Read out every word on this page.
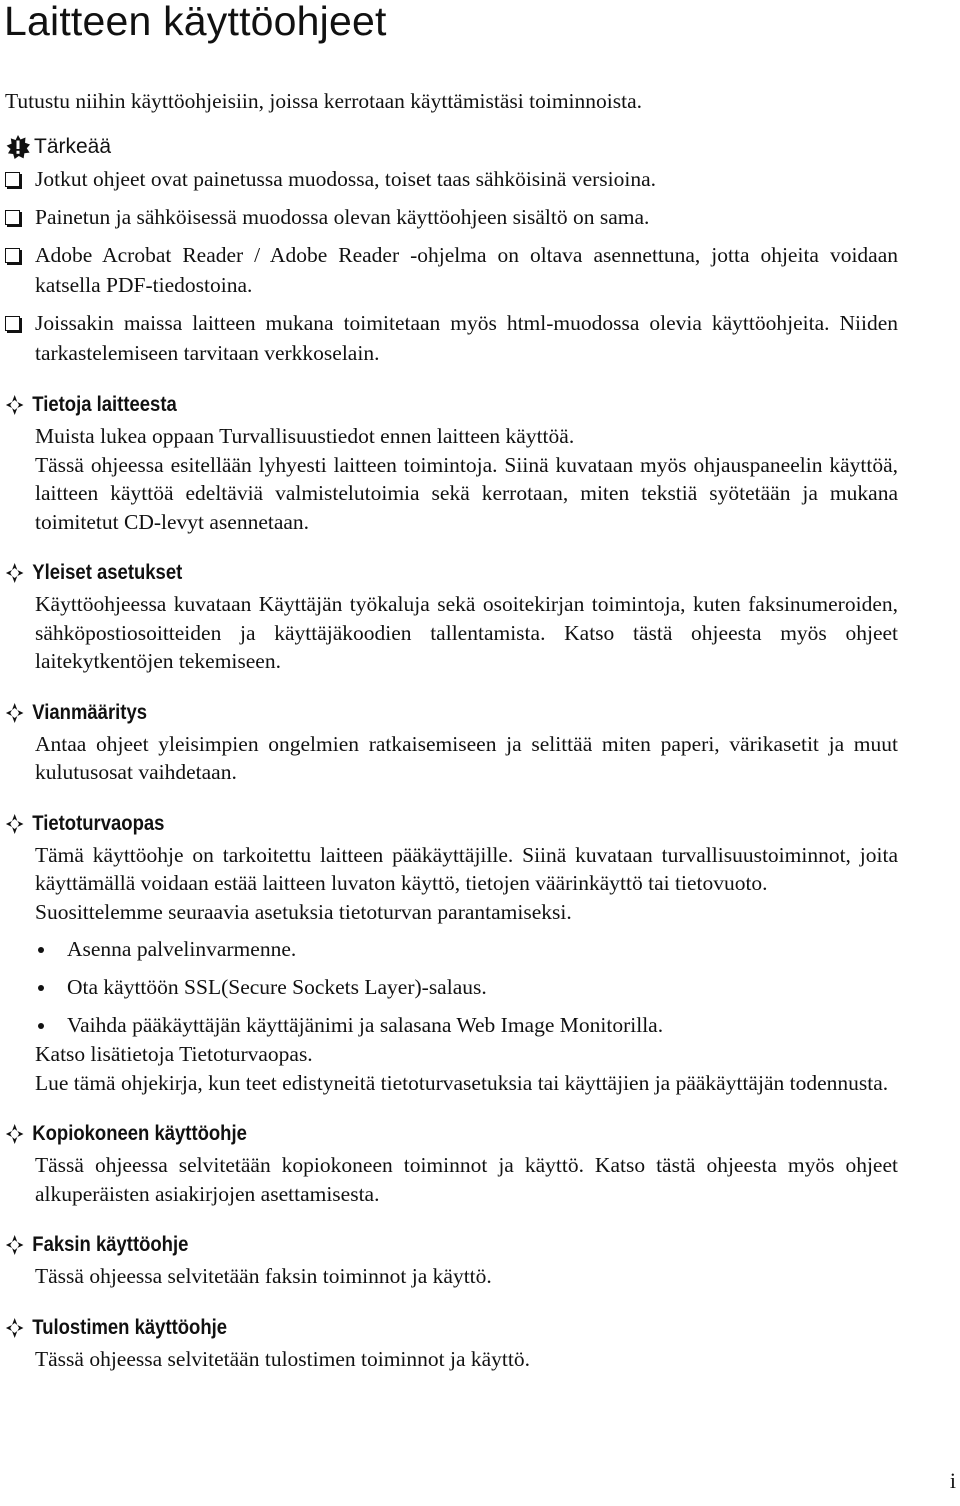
Laitteen käyttöohjeet

Tutustu niihin käyttöohjeisiin, joissa kerrotaan käyttämistäsi toiminnoista.

Tärkeää
Jotkut ohjeet ovat painetussa muodossa, toiset taas sähköisinä versioina.
Painetun ja sähköisessä muodossa olevan käyttöohjeen sisältö on sama.
Adobe Acrobat Reader / Adobe Reader -ohjelma on oltava asennettuna, jotta ohjeita voidaan katsella PDF-tiedostoina.
Joissakin maissa laitteen mukana toimitetaan myös html-muodossa olevia käyttöohjeita. Niiden tarkastelemiseen tarvitaan verkkoselain.
Tietoja laitteesta

Muista lukea oppaan Turvallisuustiedot ennen laitteen käyttöä.

Tässä ohjeessa esitellään lyhyesti laitteen toimintoja. Siinä kuvataan myös ohjauspaneelin käyttöä, laitteen käyttöä edeltäviä valmistelutoimia sekä kerrotaan, miten tekstiä syötetään ja mukana toimitetut CD-levyt asennetaan.

Yleiset asetukset

Käyttöohjeessa kuvataan Käyttäjän työkaluja sekä osoitekirjan toimintoja, kuten faksinumeroiden, sähköpostiosoitteiden ja käyttäjäkoodien tallentamista. Katso tästä ohjeesta myös ohjeet laitekytkentöjen tekemiseen.

Vianmääritys

Antaa ohjeet yleisimpien ongelmien ratkaisemiseen ja selittää miten paperi, värikasetit ja muut kulutusosat vaihdetaan.

Tietoturvaopas

Tämä käyttöohje on tarkoitettu laitteen pääkäyttäjille. Siinä kuvataan turvallisuustoiminnot, joita käyttämällä voidaan estää laitteen luvaton käyttö, tietojen väärinkäyttö tai tietovuoto.

Suosittelemme seuraavia asetuksia tietoturvan parantamiseksi.

Asenna palvelinvarmenne.
Ota käyttöön SSL(Secure Sockets Layer)-salaus.
Vaihda pääkäyttäjän käyttäjänimi ja salasana Web Image Monitorilla.

Katso lisätietoja Tietoturvaopas.

Lue tämä ohjekirja, kun teet edistyneitä tietoturvasetuksia tai käyttäjien ja pääkäyttäjän todennusta.

Kopiokoneen käyttöohje

Tässä ohjeessa selvitetään kopiokoneen toiminnot ja käyttö. Katso tästä ohjeesta myös ohjeet alkuperäisten asiakirjojen asettamisesta.

Faksin käyttöohje

Tässä ohjeessa selvitetään faksin toiminnot ja käyttö.

Tulostimen käyttöohje

Tässä ohjeessa selvitetään tulostimen toiminnot ja käyttö.

i
